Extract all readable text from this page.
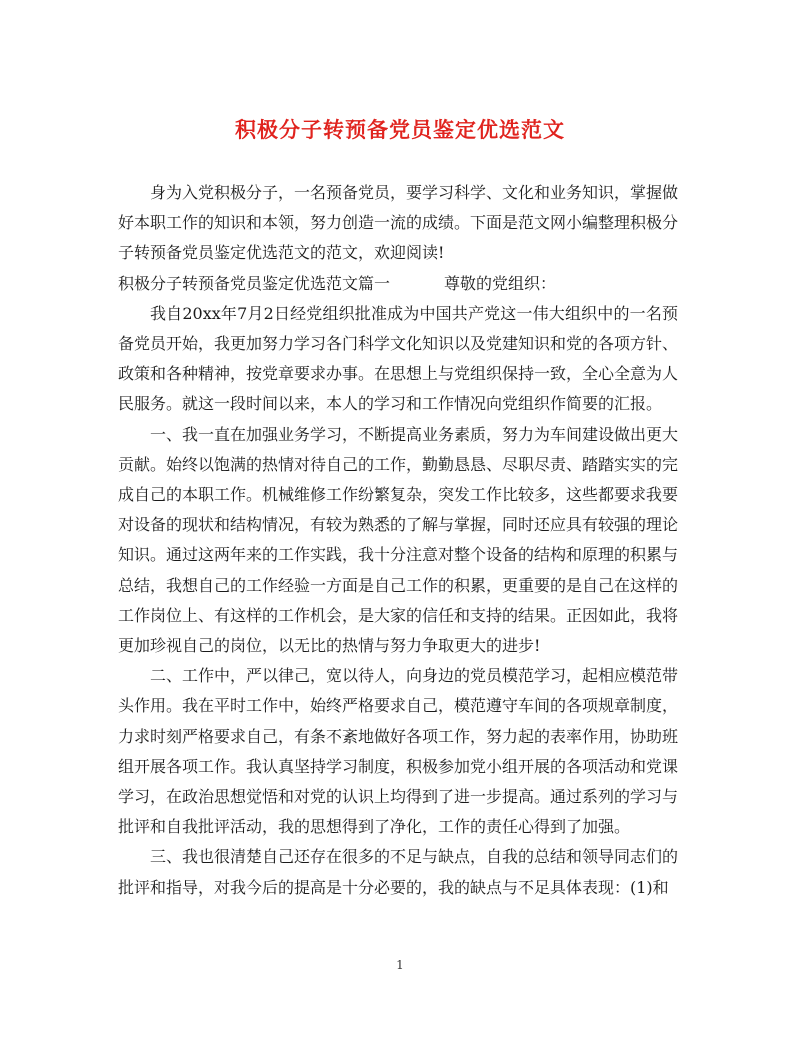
积极分子转预备党员鉴定优选范文

身为入党积极分子，一名预备党员，要学习科学、文化和业务知识，掌握做好本职工作的知识和本领，努力创造一流的成绩。下面是范文网小编整理积极分子转预备党员鉴定优选范文的范文，欢迎阅读!

积极分子转预备党员鉴定优选范文篇一	尊敬的党组织：

我自20xx年7月2日经党组织批准成为中国共产党这一伟大组织中的一名预备党员开始，我更加努力学习各门科学文化知识以及党建知识和党的各项方针、政策和各种精神，按党章要求办事。在思想上与党组织保持一致，全心全意为人民服务。就这一段时间以来，本人的学习和工作情况向党组织作简要的汇报。

一、我一直在加强业务学习，不断提高业务素质，努力为车间建设做出更大贡献。始终以饱满的热情对待自己的工作，勤勤恳恳、尽职尽责、踏踏实实的完成自己的本职工作。机械维修工作纷繁复杂，突发工作比较多，这些都要求我要对设备的现状和结构情况，有较为熟悉的了解与掌握，同时还应具有较强的理论知识。通过这两年来的工作实践，我十分注意对整个设备的结构和原理的积累与总结，我想自己的工作经验一方面是自己工作的积累，更重要的是自己在这样的工作岗位上、有这样的工作机会，是大家的信任和支持的结果。正因如此，我将更加珍视自己的岗位，以无比的热情与努力争取更大的进步!

二、工作中，严以律己，宽以待人，向身边的党员模范学习，起相应模范带头作用。我在平时工作中，始终严格要求自己，模范遵守车间的各项规章制度，力求时刻严格要求自己，有条不紊地做好各项工作，努力起的表率作用，协助班组开展各项工作。我认真坚持学习制度，积极参加党小组开展的各项活动和党课学习，在政治思想觉悟和对党的认识上均得到了进一步提高。通过系列的学习与批评和自我批评活动，我的思想得到了净化，工作的责任心得到了加强。

三、我也很清楚自己还存在很多的不足与缺点，自我的总结和领导同志们的批评和指导，对我今后的提高是十分必要的，我的缺点与不足具体表现：(1)和

1
